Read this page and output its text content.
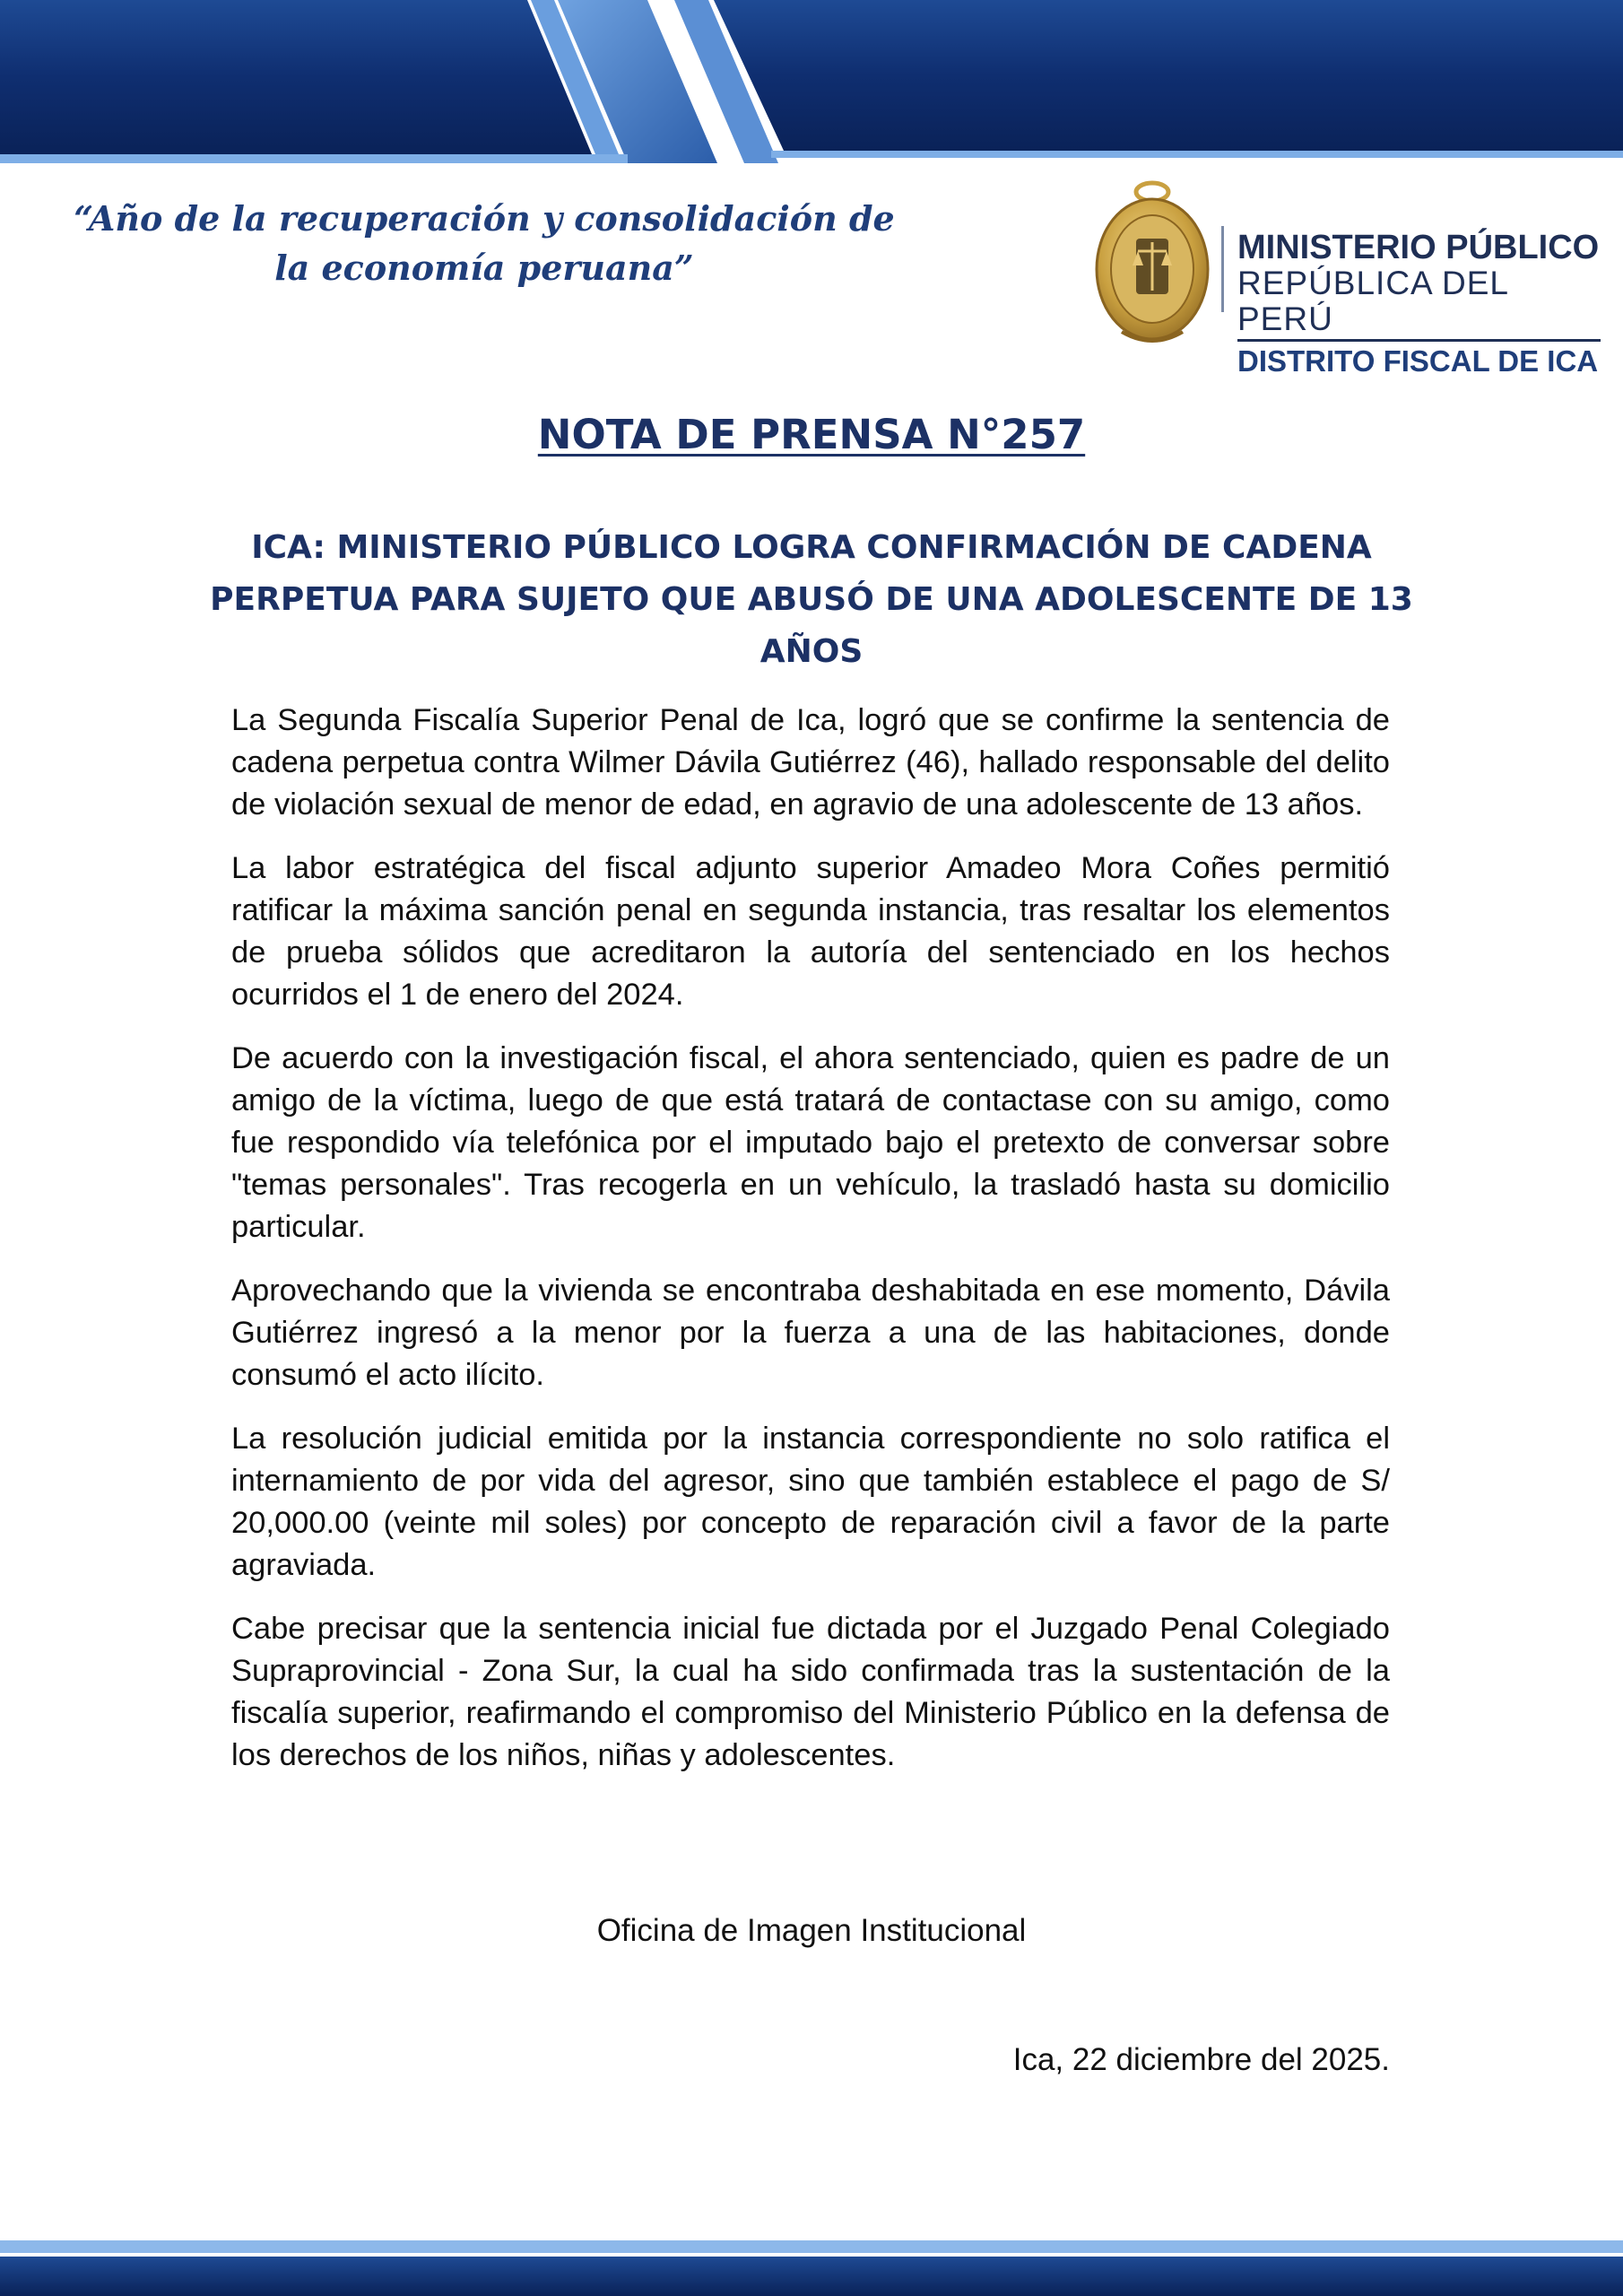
“Año de la recuperación y consolidación de la economía peruana”	MINISTERIO PÚBLICO
REPÚBLICA DEL PERÚ
DISTRITO FISCAL DE ICA
NOTA DE PRENSA N°257
ICA: MINISTERIO PÚBLICO LOGRA CONFIRMACIÓN DE CADENA PERPETUA PARA SUJETO QUE ABUSÓ DE UNA ADOLESCENTE DE 13 AÑOS

La Segunda Fiscalía Superior Penal de Ica, logró que se confirme la sentencia de cadena perpetua contra Wilmer Dávila Gutiérrez (46), hallado responsable del delito de violación sexual de menor de edad, en agravio de una adolescente de 13 años.

La labor estratégica del fiscal adjunto superior Amadeo Mora Coñes permitió ratificar la máxima sanción penal en segunda instancia, tras resaltar los elementos de prueba sólidos que acreditaron la autoría del sentenciado en los hechos ocurridos el 1 de enero del 2024.

De acuerdo con la investigación fiscal, el ahora sentenciado, quien es padre de un amigo de la víctima, luego de que está tratará de contactase con su amigo, como fue respondido vía telefónica por el imputado bajo el pretexto de conversar sobre "temas personales". Tras recogerla en un vehículo, la trasladó hasta su domicilio particular.

Aprovechando que la vivienda se encontraba deshabitada en ese momento, Dávila Gutiérrez ingresó a la menor por la fuerza a una de las habitaciones, donde consumó el acto ilícito.

La resolución judicial emitida por la instancia correspondiente no solo ratifica el internamiento de por vida del agresor, sino que también establece el pago de S/ 20,000.00 (veinte mil soles) por concepto de reparación civil a favor de la parte agraviada.

Cabe precisar que la sentencia inicial fue dictada por el Juzgado Penal Colegiado Supraprovincial - Zona Sur, la cual ha sido confirmada tras la sustentación de la fiscalía superior, reafirmando el compromiso del Ministerio Público en la defensa de los derechos de los niños, niñas y adolescentes.

Oficina de Imagen Institucional
Ica, 22 diciembre del 2025.
